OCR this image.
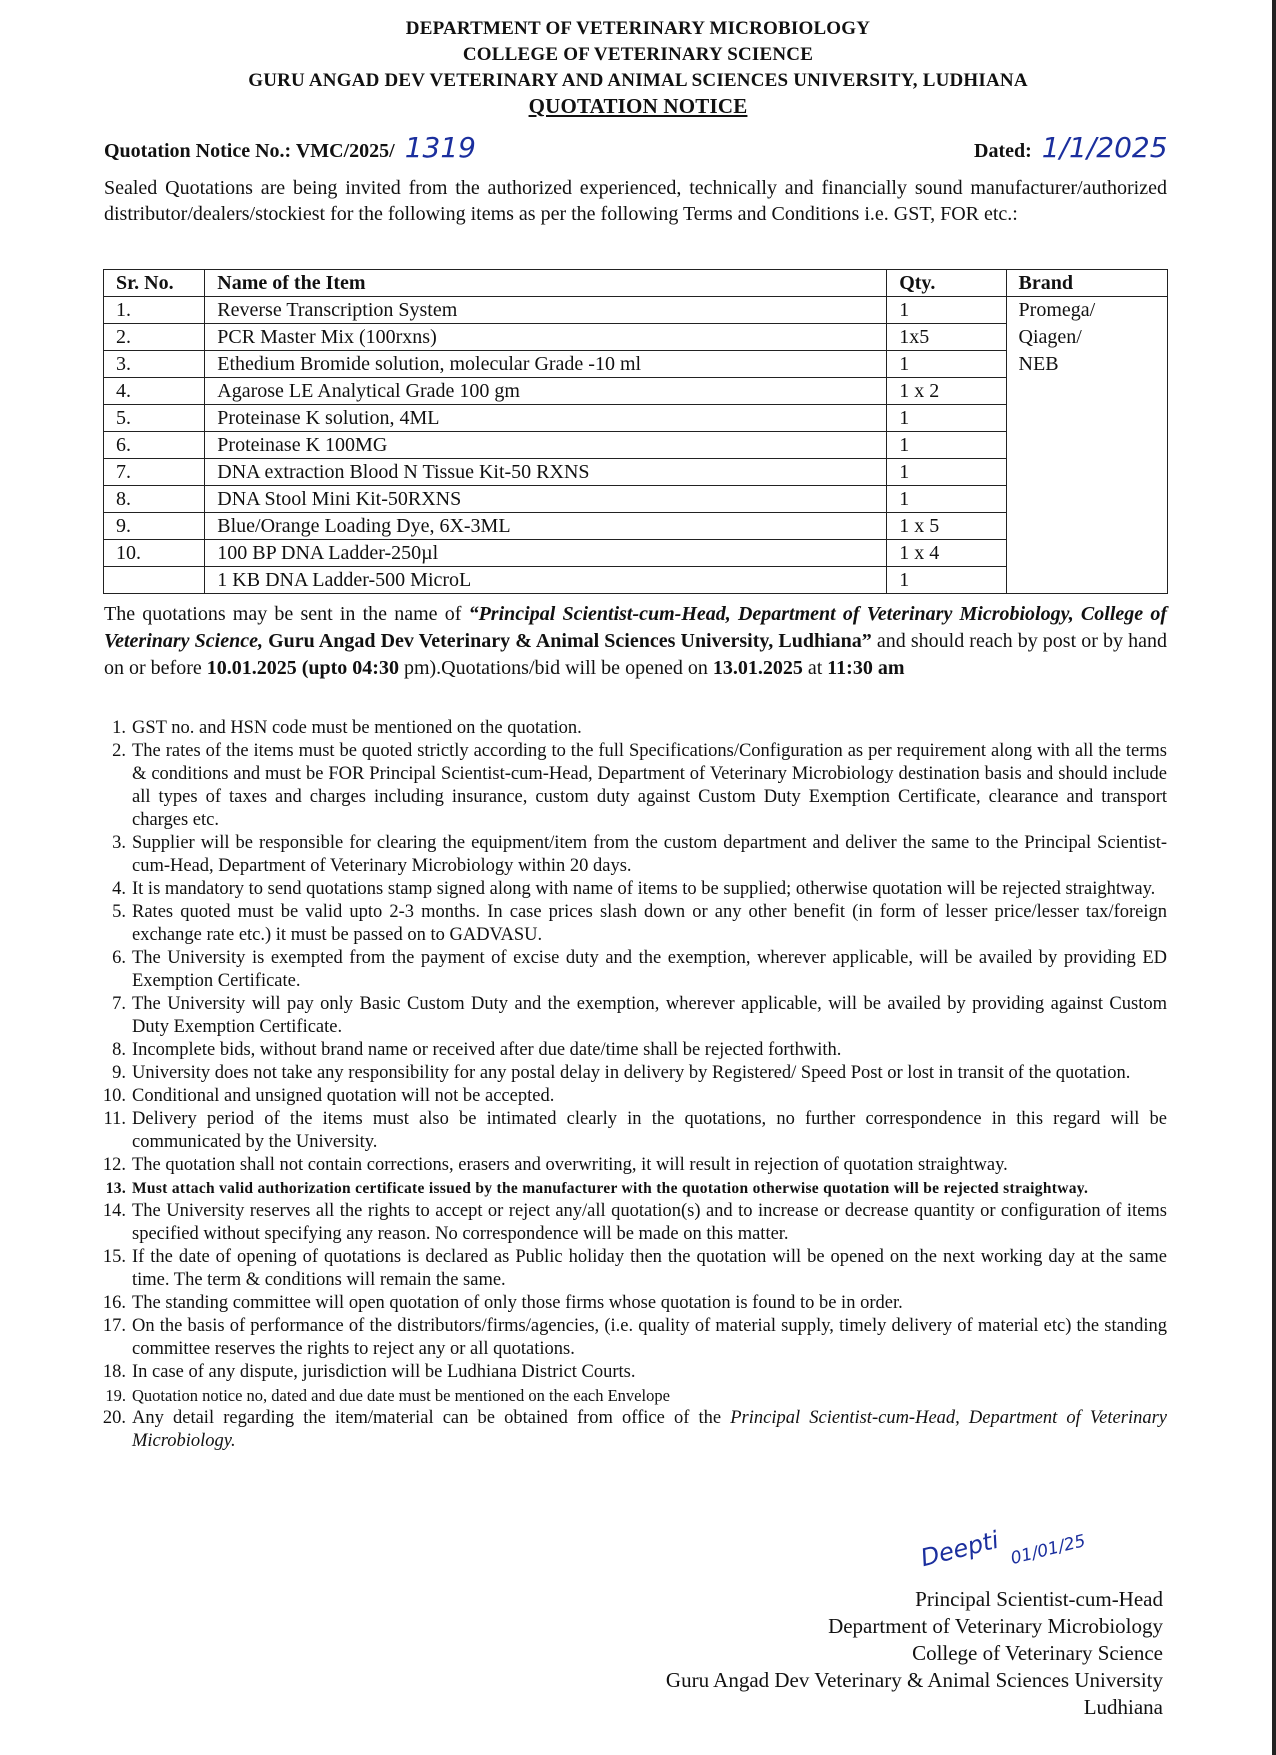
DEPARTMENT OF VETERINARY MICROBIOLOGY
COLLEGE OF VETERINARY SCIENCE
GURU ANGAD DEV VETERINARY AND ANIMAL SCIENCES UNIVERSITY, LUDHIANA
QUOTATION NOTICE
Quotation Notice No.: VMC/2025/ 1319	Dated: 1/1/2025
Sealed Quotations are being invited from the authorized experienced, technically and financially sound manufacturer/authorized distributor/dealers/stockiest for the following items as per the following Terms and Conditions i.e. GST, FOR etc.:
Sr. No.	Name of the Item	Qty.	Brand
1.	Reverse Transcription System	1	Promega/
Qiagen/
NEB

2.	PCR Master Mix (100rxns)	1x5	
3.	Ethedium Bromide solution, molecular Grade -10 ml	1	
4.	Agarose LE Analytical Grade 100 gm	1 x 2	
5.	Proteinase K solution, 4ML	1	
6.	Proteinase K 100MG	1	
7.	DNA extraction Blood N Tissue Kit-50 RXNS	1	
8.	DNA Stool Mini Kit-50RXNS	1	
9.	Blue/Orange Loading Dye, 6X-3ML	1 x 5	
10.	100 BP DNA Ladder-250µl	1 x 4	
	1 KB DNA Ladder-500 MicroL	1	
The quotations may be sent in the name of “Principal Scientist-cum-Head, Department of Veterinary Microbiology, College of Veterinary Science, Guru Angad Dev Veterinary & Animal Sciences University, Ludhiana” and should reach by post or by hand on or before 10.01.2025 (upto 04:30 pm).Quotations/bid will be opened on 13.01.2025 at 11:30 am
1. GST no. and HSN code must be mentioned on the quotation.
2. The rates of the items must be quoted strictly according to the full Specifications/Configuration as per requirement along with all the terms & conditions and must be FOR Principal Scientist-cum-Head, Department of Veterinary Microbiology destination basis and should include all types of taxes and charges including insurance, custom duty against Custom Duty Exemption Certificate, clearance and transport charges etc.
3. Supplier will be responsible for clearing the equipment/item from the custom department and deliver the same to the Principal Scientist-cum-Head, Department of Veterinary Microbiology within 20 days.
4. It is mandatory to send quotations stamp signed along with name of items to be supplied; otherwise quotation will be rejected straightway.
5. Rates quoted must be valid upto 2-3 months. In case prices slash down or any other benefit (in form of lesser price/lesser tax/foreign exchange rate etc.) it must be passed on to GADVASU.
6. The University is exempted from the payment of excise duty and the exemption, wherever applicable, will be availed by providing ED Exemption Certificate.
7. The University will pay only Basic Custom Duty and the exemption, wherever applicable, will be availed by providing against Custom Duty Exemption Certificate.
8. Incomplete bids, without brand name or received after due date/time shall be rejected forthwith.
9. University does not take any responsibility for any postal delay in delivery by Registered/ Speed Post or lost in transit of the quotation.
10. Conditional and unsigned quotation will not be accepted.
11. Delivery period of the items must also be intimated clearly in the quotations, no further correspondence in this regard will be communicated by the University.
12. The quotation shall not contain corrections, erasers and overwriting, it will result in rejection of quotation straightway.
13. Must attach valid authorization certificate issued by the manufacturer with the quotation otherwise quotation will be rejected straightway.
14. The University reserves all the rights to accept or reject any/all quotation(s) and to increase or decrease quantity or configuration of items specified without specifying any reason. No correspondence will be made on this matter.
15. If the date of opening of quotations is declared as Public holiday then the quotation will be opened on the next working day at the same time. The term & conditions will remain the same.
16. The standing committee will open quotation of only those firms whose quotation is found to be in order.
17. On the basis of performance of the distributors/firms/agencies, (i.e. quality of material supply, timely delivery of material etc) the standing committee reserves the rights to reject any or all quotations.
18. In case of any dispute, jurisdiction will be Ludhiana District Courts.
19. Quotation notice no, dated and due date must be mentioned on the each Envelope
20. Any detail regarding the item/material can be obtained from office of the Principal Scientist-cum-Head, Department of Veterinary Microbiology.
Deepti 01/01/25
Principal Scientist-cum-Head
Department of Veterinary Microbiology
College of Veterinary Science
Guru Angad Dev Veterinary & Animal Sciences University
Ludhiana
